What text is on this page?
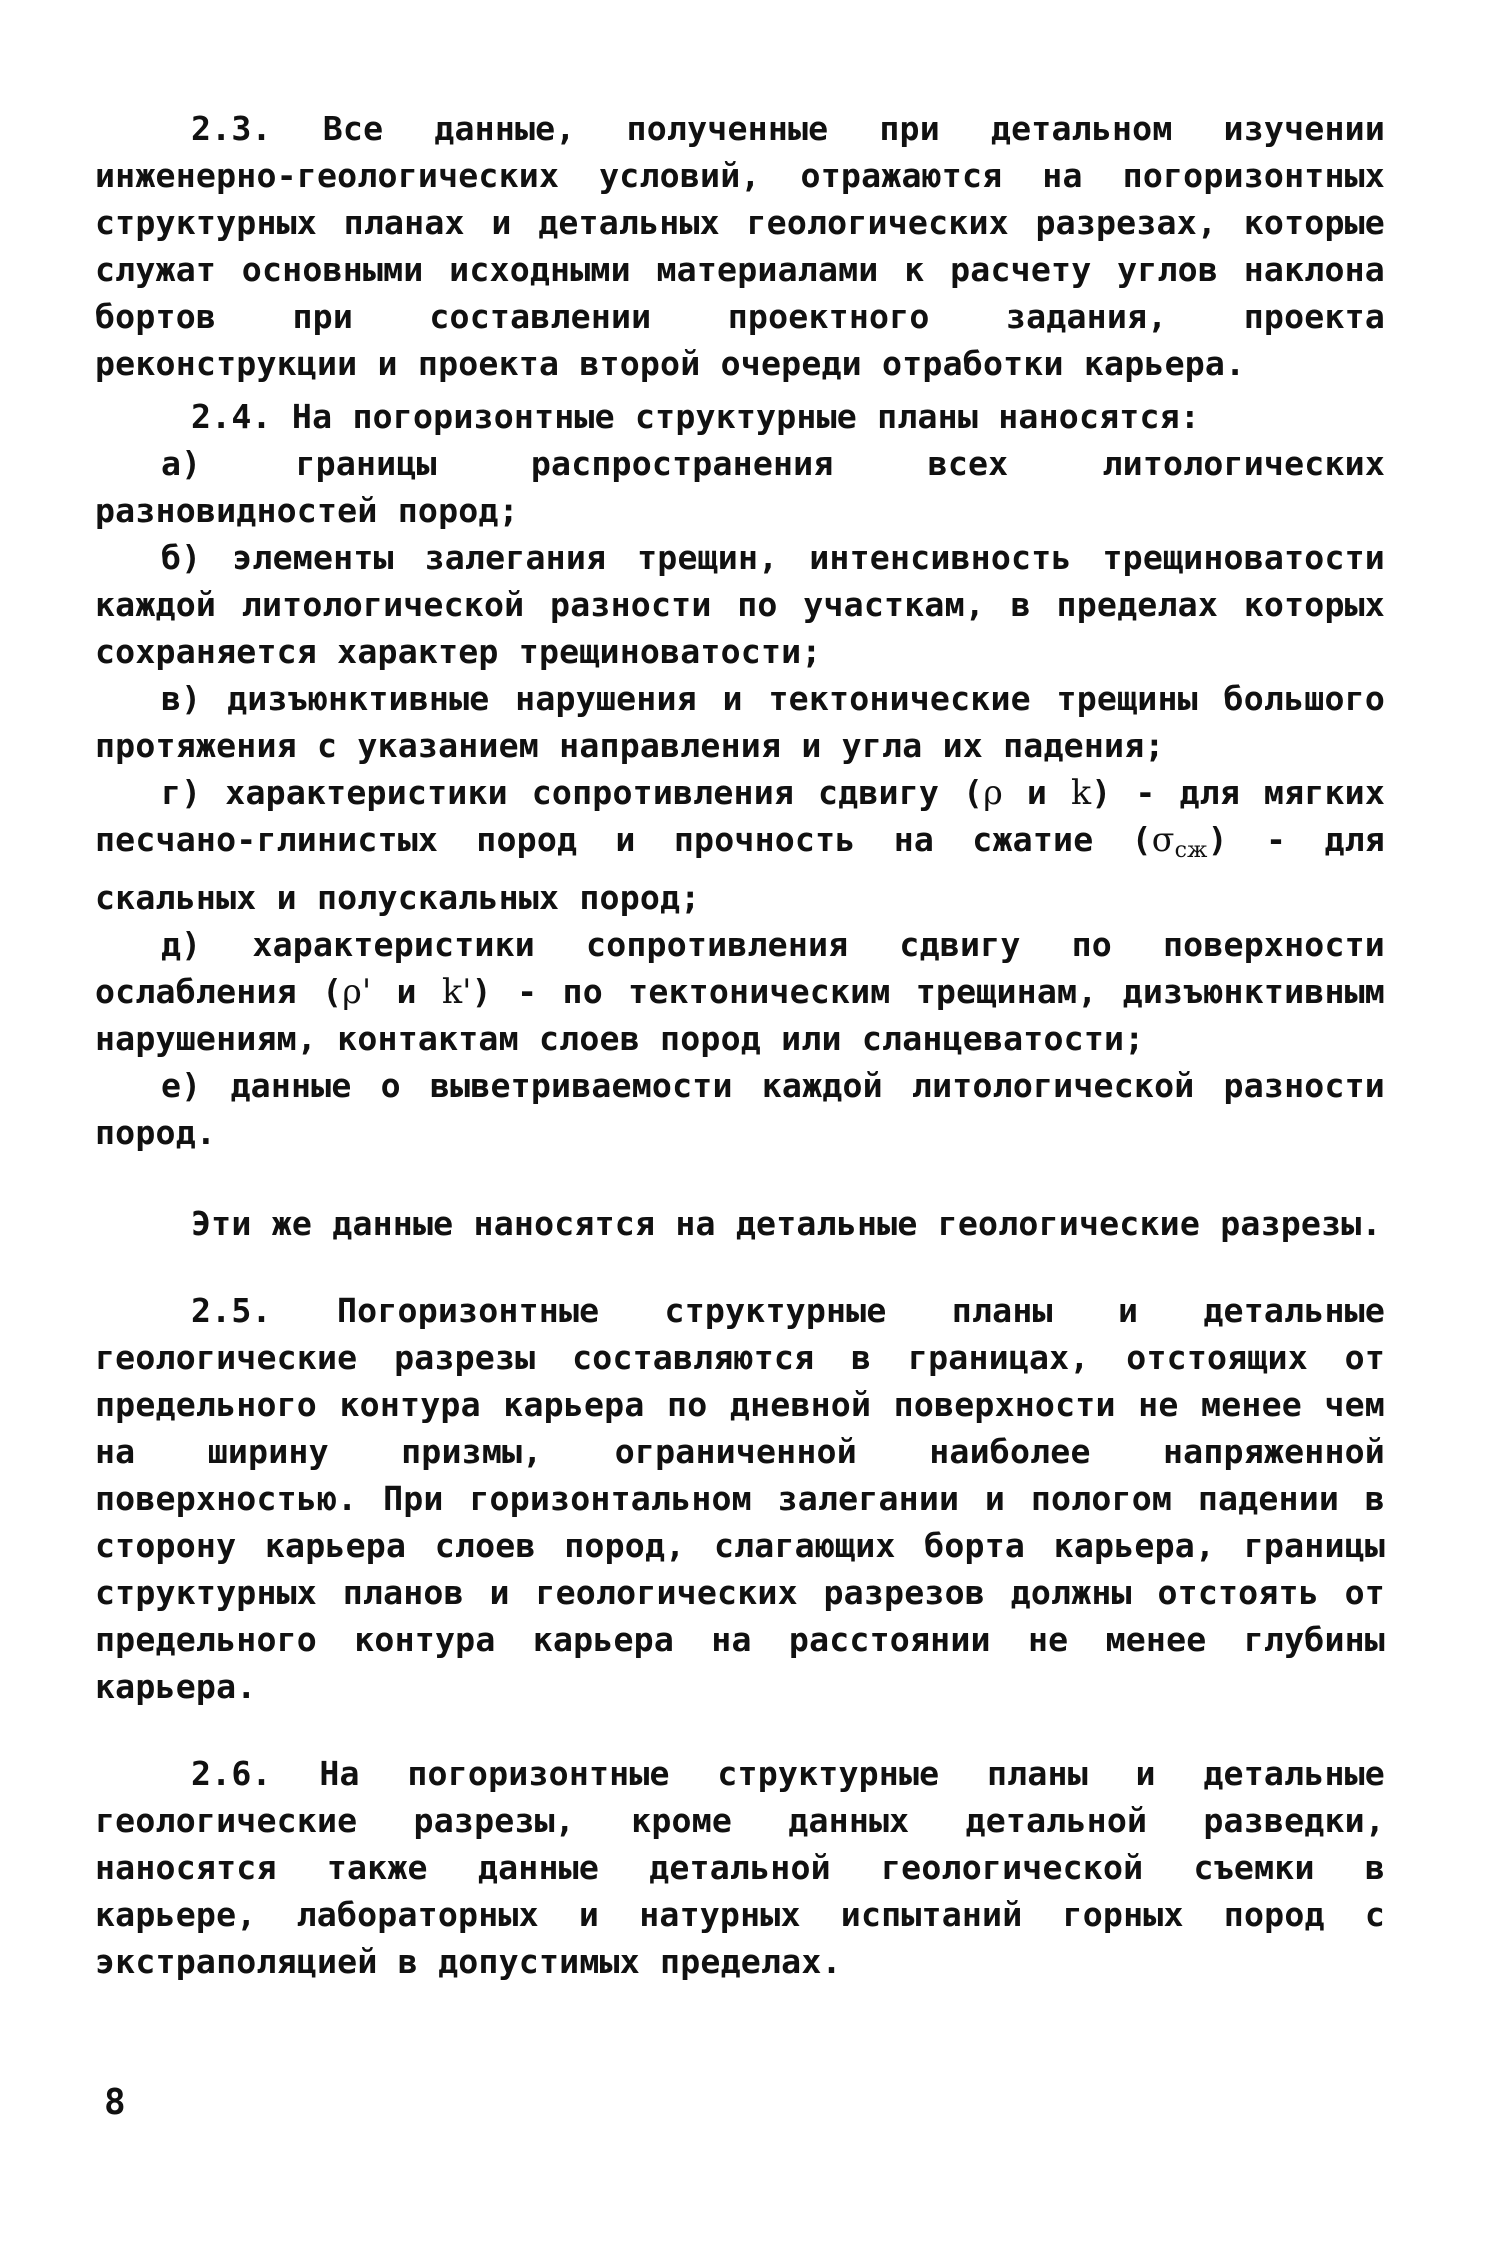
2.3. Все данные, полученные при детальном изучении инженерно-геологических условий, отражаются на погоризонтных структурных планах и детальных геологических разрезах, которые служат основными исходными материалами к расчету углов наклона бортов при составлении проектного задания, проекта реконструкции и проекта второй очереди отработки карьера.

2.4. На погоризонтные структурные планы наносятся:

а) границы распространения всех литологических разновидностей пород;

б) элементы залегания трещин, интенсивность трещиноватости каждой литологической разности по участкам, в пределах которых сохраняется характер трещиноватости;

в) дизъюнктивные нарушения и тектонические трещины большого протяжения с указанием направления и угла их падения;

г) характеристики сопротивления сдвигу (ρ и k) - для мягких песчано-глинистых пород и прочность на сжатие $(\sigma_{сж})$ - для скальных и полускальных пород;

д) характеристики сопротивления сдвигу по поверхности ослабления (ρ' и k') - по тектоническим трещинам, дизъюнктивным нарушениям, контактам слоев пород или сланцеватости;

е) данные о выветриваемости каждой литологической разности пород.

Эти же данные наносятся на детальные геологические разрезы.

2.5. Погоризонтные структурные планы и детальные геологические разрезы составляются в границах, отстоящих от предельного контура карьера по дневной поверхности не менее чем на ширину призмы, ограниченной наиболее напряженной поверхностью. При горизонтальном залегании и пологом падении в сторону карьера слоев пород, слагающих борта карьера, границы структурных планов и геологических разрезов должны отстоять от предельного контура карьера на расстоянии не менее глубины карьера.

2.6. На погоризонтные структурные планы и детальные геологические разрезы, кроме данных детальной разведки, наносятся также данные детальной геологической съемки в карьере, лабораторных и натурных испытаний горных пород с экстраполяцией в допустимых пределах.

8
